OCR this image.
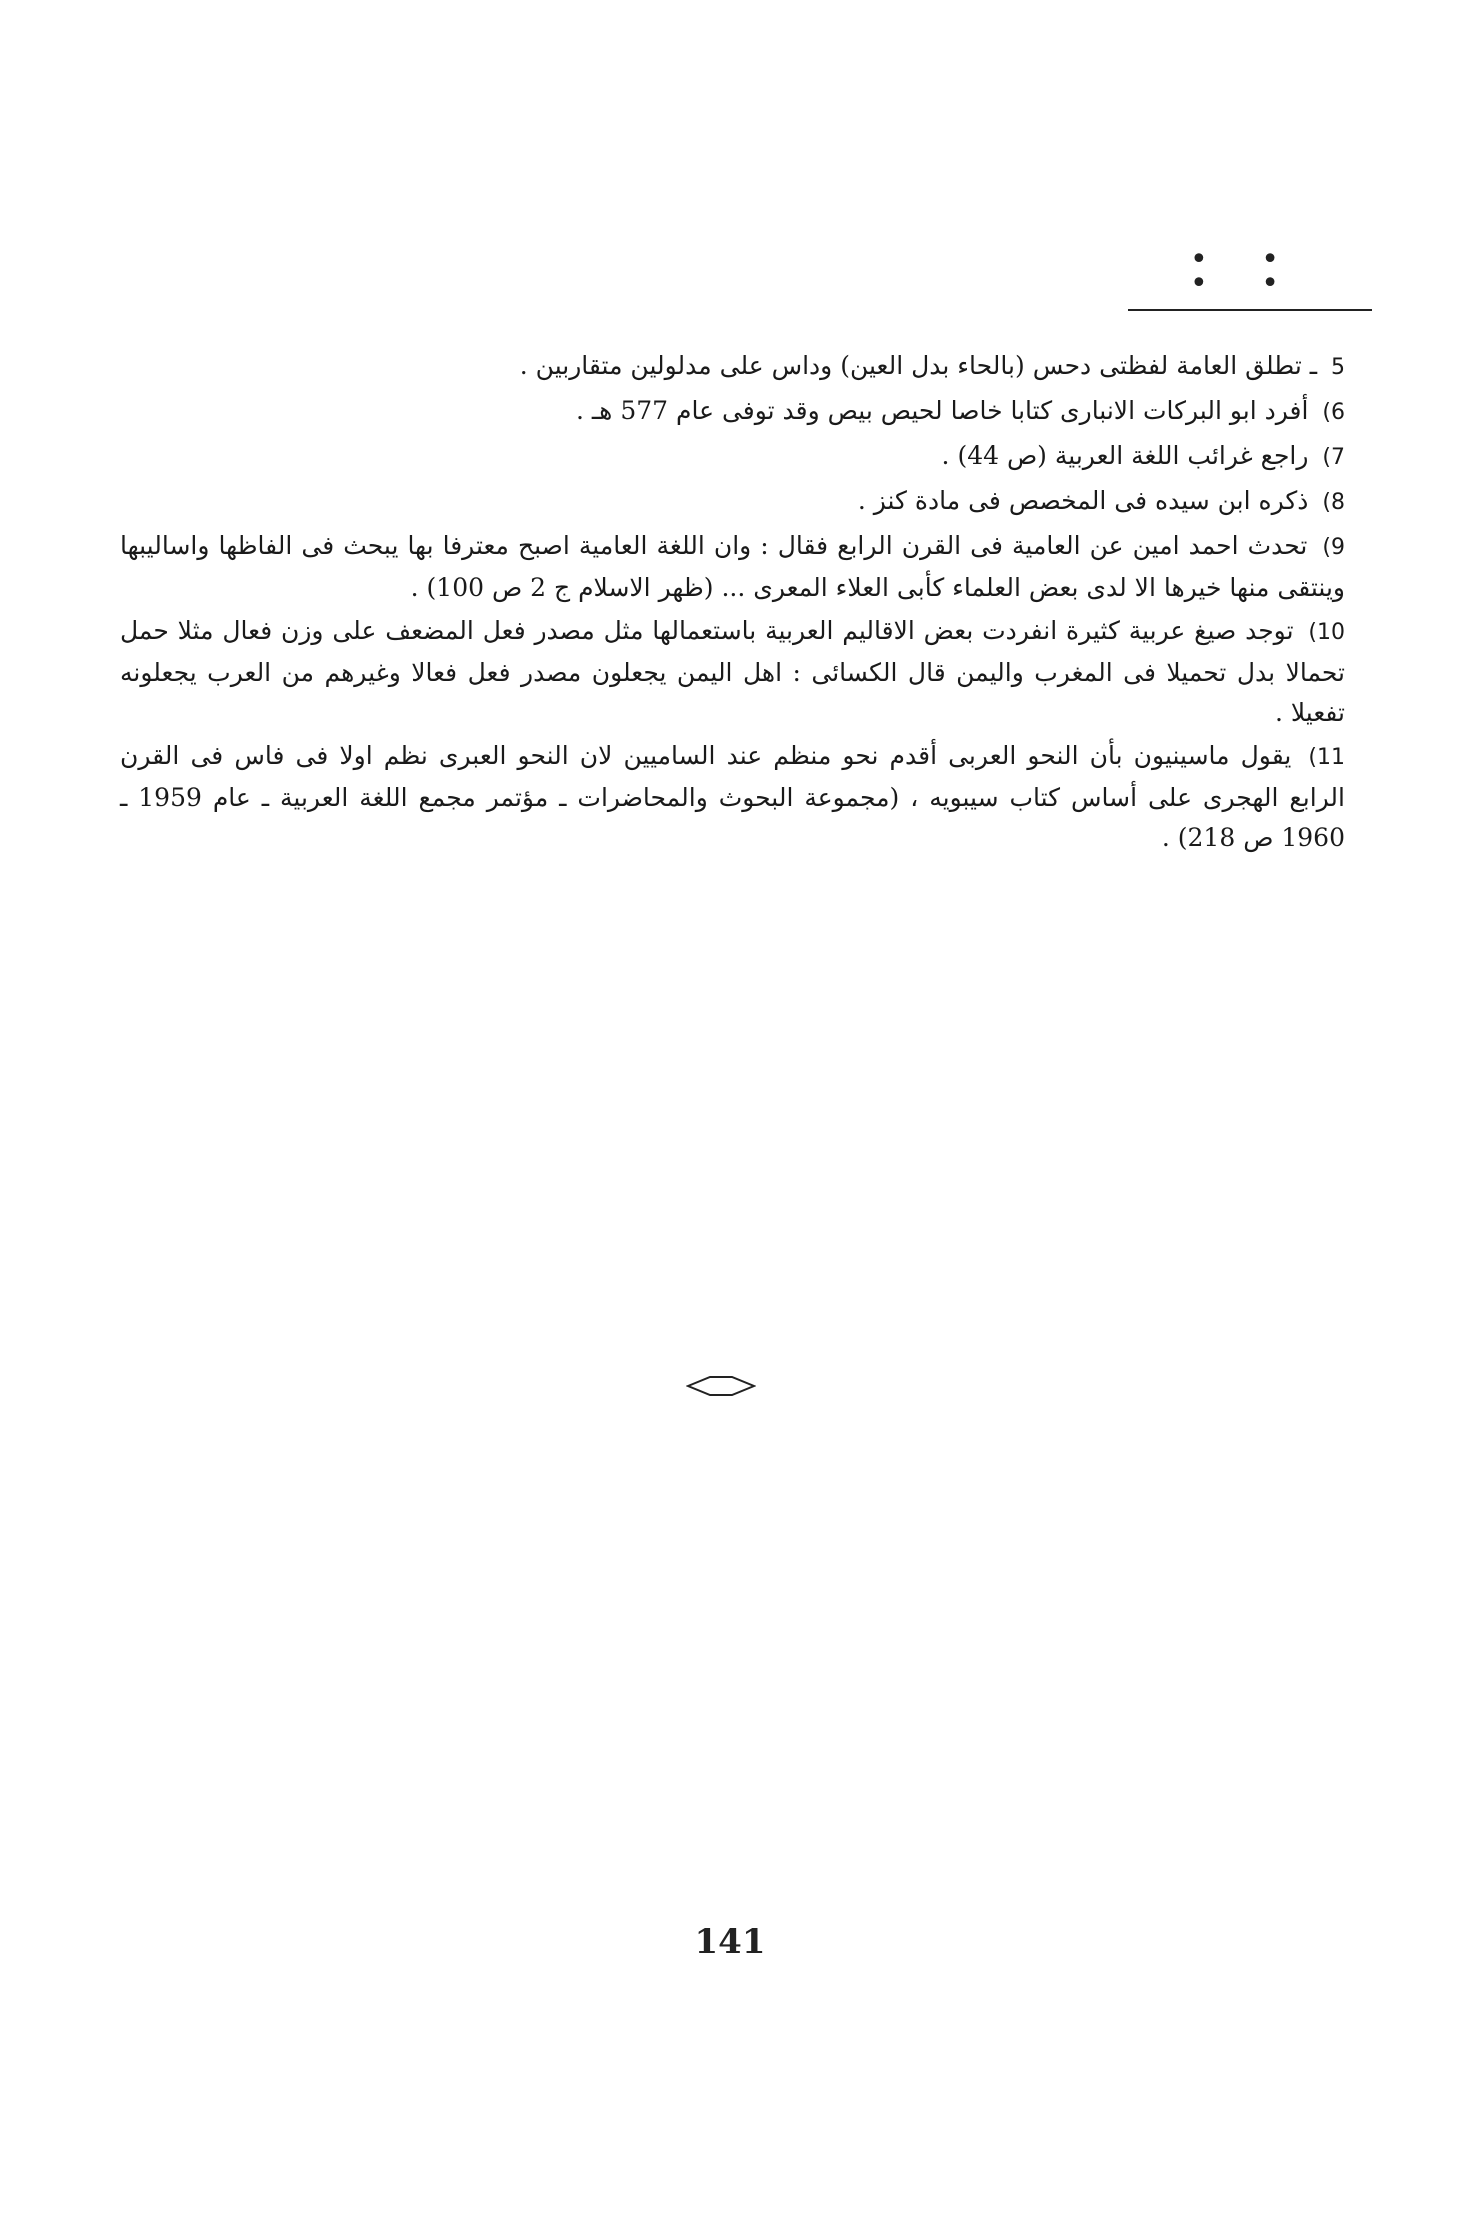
• • • •
5 ـ تطلق العامة لفظتى دحس (بالحاء بدل العين) وداس على مدلولين متقاربين .
6) أفرد ابو البركات الانبارى كتابا خاصا لحيص بيص وقد توفى عام 577 هـ .
7) راجع غرائب اللغة العربية (ص 44) .
8) ذكره ابن سيده فى المخصص فى مادة كنز .
9) تحدث احمد امين عن العامية فى القرن الرابع فقال : وان اللغة العامية اصبح معترفا بها يبحث فى الفاظها واساليبها وينتقى منها خيرها الا لدى بعض العلماء كأبى العلاء المعرى ... (ظهر الاسلام ج 2 ص 100) .
10) توجد صيغ عربية كثيرة انفردت بعض الاقاليم العربية باستعمالها مثل مصدر فعل المضعف على وزن فعال مثلا حمل تحمالا بدل تحميلا فى المغرب واليمن قال الكسائى : اهل اليمن يجعلون مصدر فعل فعالا وغيرهم من العرب يجعلونه تفعيلا .
11) يقول ماسينيون بأن النحو العربى أقدم نحو منظم عند الساميين لان النحو العبرى نظم اولا فى فاس فى القرن الرابع الهجرى على أساس كتاب سيبويه ، (مجموعة البحوث والمحاضرات ـ مؤتمر مجمع اللغة العربية ـ عام 1959 ـ 1960 ص 218) .
141
